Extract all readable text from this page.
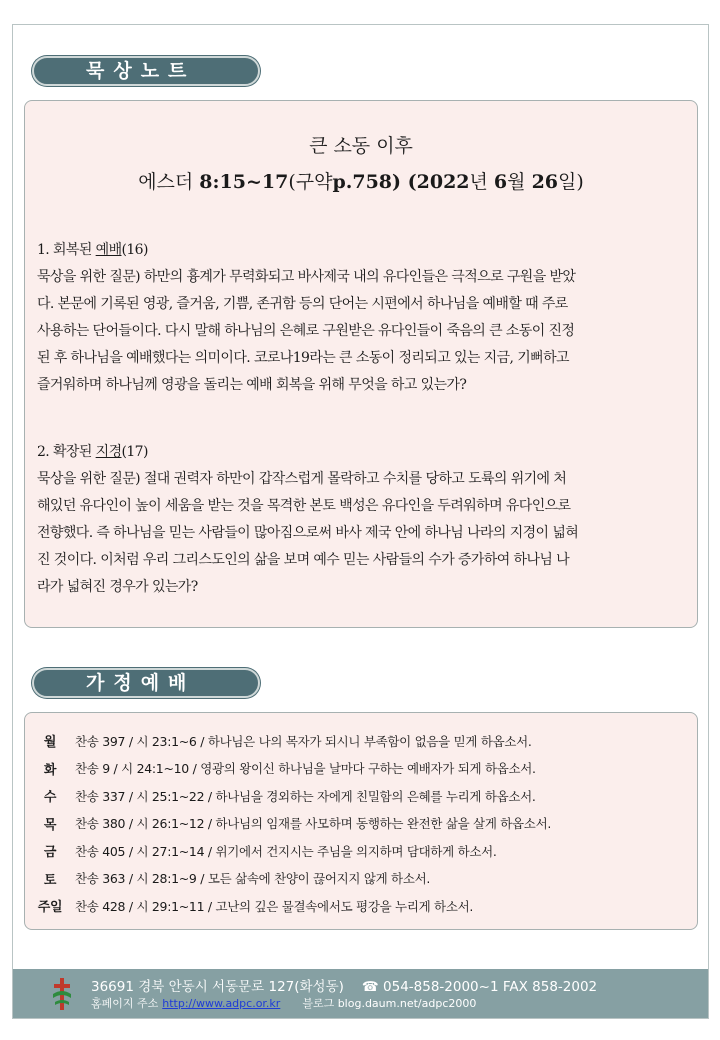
묵상노트
큰 소동 이후
에스더 8:15~17(구약p.758) (2022년 6월 26일)

1. 회복된 예배(16)

묵상을 위한 질문) 하만의 흉계가 무력화되고 바사제국 내의 유다인들은 극적으로 구원을 받았

다. 본문에 기록된 영광, 즐거움, 기쁨, 존귀함 등의 단어는 시편에서 하나님을 예배할 때 주로

사용하는 단어들이다. 다시 말해 하나님의 은혜로 구원받은 유다인들이 죽음의 큰 소동이 진정

된 후 하나님을 예배했다는 의미이다. 코로나19라는 큰 소동이 정리되고 있는 지금, 기뻐하고

즐거워하며 하나님께 영광을 돌리는 예배 회복을 위해 무엇을 하고 있는가?

2. 확장된 지경(17)

묵상을 위한 질문) 절대 권력자 하만이 갑작스럽게 몰락하고 수치를 당하고 도륙의 위기에 처

해있던 유다인이 높이 세움을 받는 것을 목격한 본토 백성은 유다인을 두려워하며 유다인으로

전향했다. 즉 하나님을 믿는 사람들이 많아짐으로써 바사 제국 안에 하나님 나라의 지경이 넓혀

진 것이다. 이처럼 우리 그리스도인의 삶을 보며 예수 믿는 사람들의 수가 증가하여 하나님 나

라가 넓혀진 경우가 있는가?

가정예배
월	찬송 397 / 시 23:1~6 / 하나님은 나의 목자가 되시니 부족함이 없음을 믿게 하옵소서.
화	찬송 9 / 시 24:1~10 / 영광의 왕이신 하나님을 날마다 구하는 예배자가 되게 하옵소서.
수	찬송 337 / 시 25:1~22 / 하나님을 경외하는 자에게 친밀함의 은혜를 누리게 하옵소서.
목	찬송 380 / 시 26:1~12 / 하나님의 임재를 사모하며 동행하는 완전한 삶을 살게 하옵소서.
금	찬송 405 / 시 27:1~14 / 위기에서 건지시는 주님을 의지하며 담대하게 하소서.
토	찬송 363 / 시 28:1~9 / 모든 삶속에 찬양이 끊어지지 않게 하소서.
주일	찬송 428 / 시 29:1~11 / 고난의 깊은 물결속에서도 평강을 누리게 하소서.
36691 경북 안동시 서동문로 127(화성동) ☎ 054-858-2000~1 FAX 858-2002
홈페이지 주소 http://www.adpc.or.kr 블로그 blog.daum.net/adpc2000
